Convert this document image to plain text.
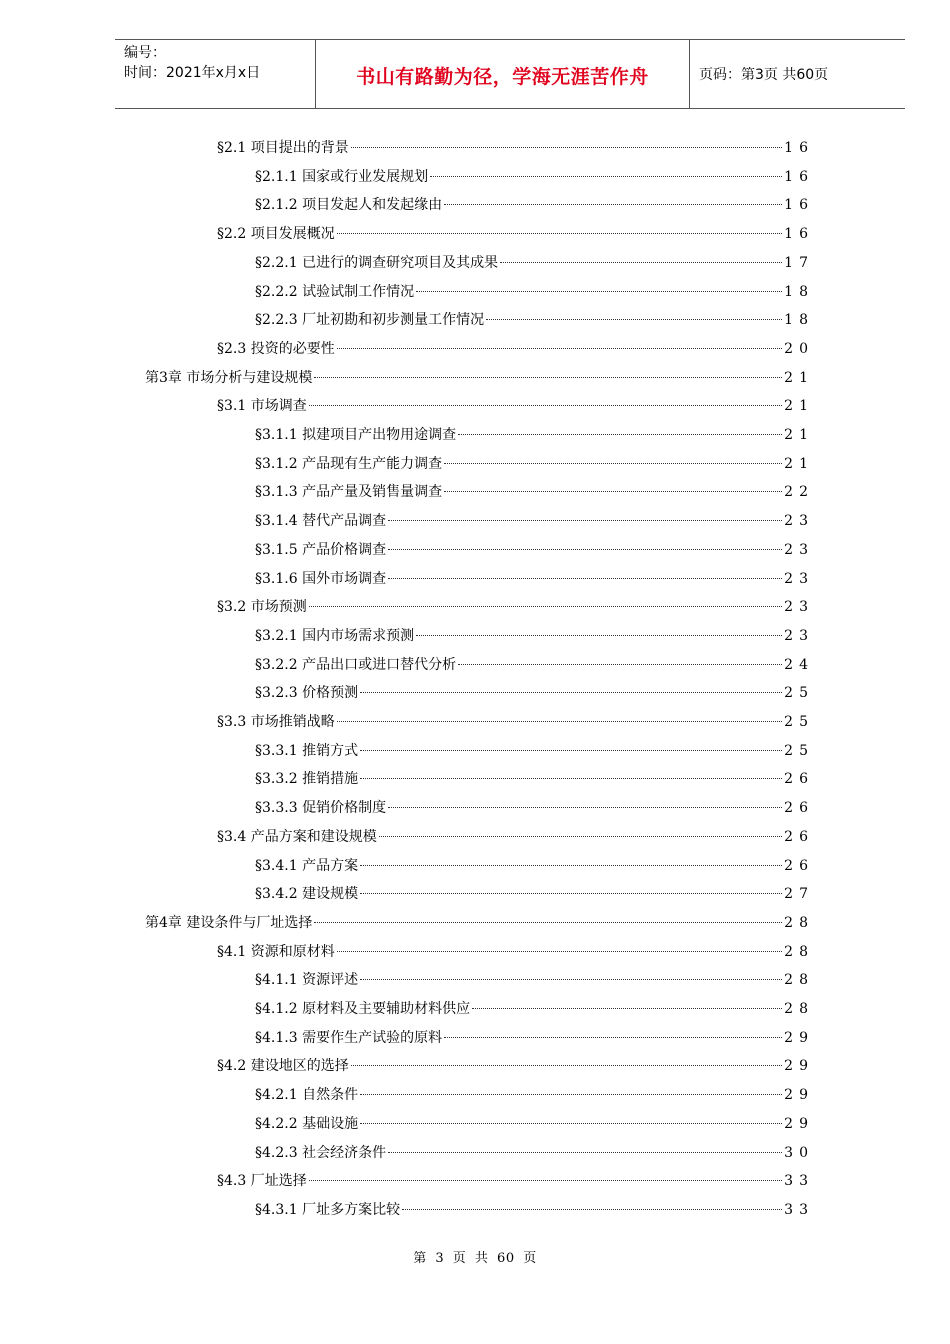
编号：
时间：2021年x月x日	书山有路勤为径，学海无涯苦作舟	页码：第3页 共60页
§2.1 项目提出的背景	16
§2.1.1 国家或行业发展规划	16
§2.1.2 项目发起人和发起缘由	16
§2.2 项目发展概况	16
§2.2.1 已进行的调查研究项目及其成果	17
§2.2.2 试验试制工作情况	18
§2.2.3 厂址初勘和初步测量工作情况	18
§2.3 投资的必要性	20
第3章 市场分析与建设规模	21
§3.1 市场调查	21
§3.1.1 拟建项目产出物用途调查	21
§3.1.2 产品现有生产能力调查	21
§3.1.3 产品产量及销售量调查	22
§3.1.4 替代产品调查	23
§3.1.5 产品价格调查	23
§3.1.6 国外市场调查	23
§3.2 市场预测	23
§3.2.1 国内市场需求预测	23
§3.2.2 产品出口或进口替代分析	24
§3.2.3 价格预测	25
§3.3 市场推销战略	25
§3.3.1 推销方式	25
§3.3.2 推销措施	26
§3.3.3 促销价格制度	26
§3.4 产品方案和建设规模	26
§3.4.1 产品方案	26
§3.4.2 建设规模	27
第4章 建设条件与厂址选择	28
§4.1 资源和原材料	28
§4.1.1 资源评述	28
§4.1.2 原材料及主要辅助材料供应	28
§4.1.3 需要作生产试验的原料	29
§4.2 建设地区的选择	29
§4.2.1 自然条件	29
§4.2.2 基础设施	29
§4.2.3 社会经济条件	30
§4.3 厂址选择	33
§4.3.1 厂址多方案比较	33
第 3 页 共 60 页
